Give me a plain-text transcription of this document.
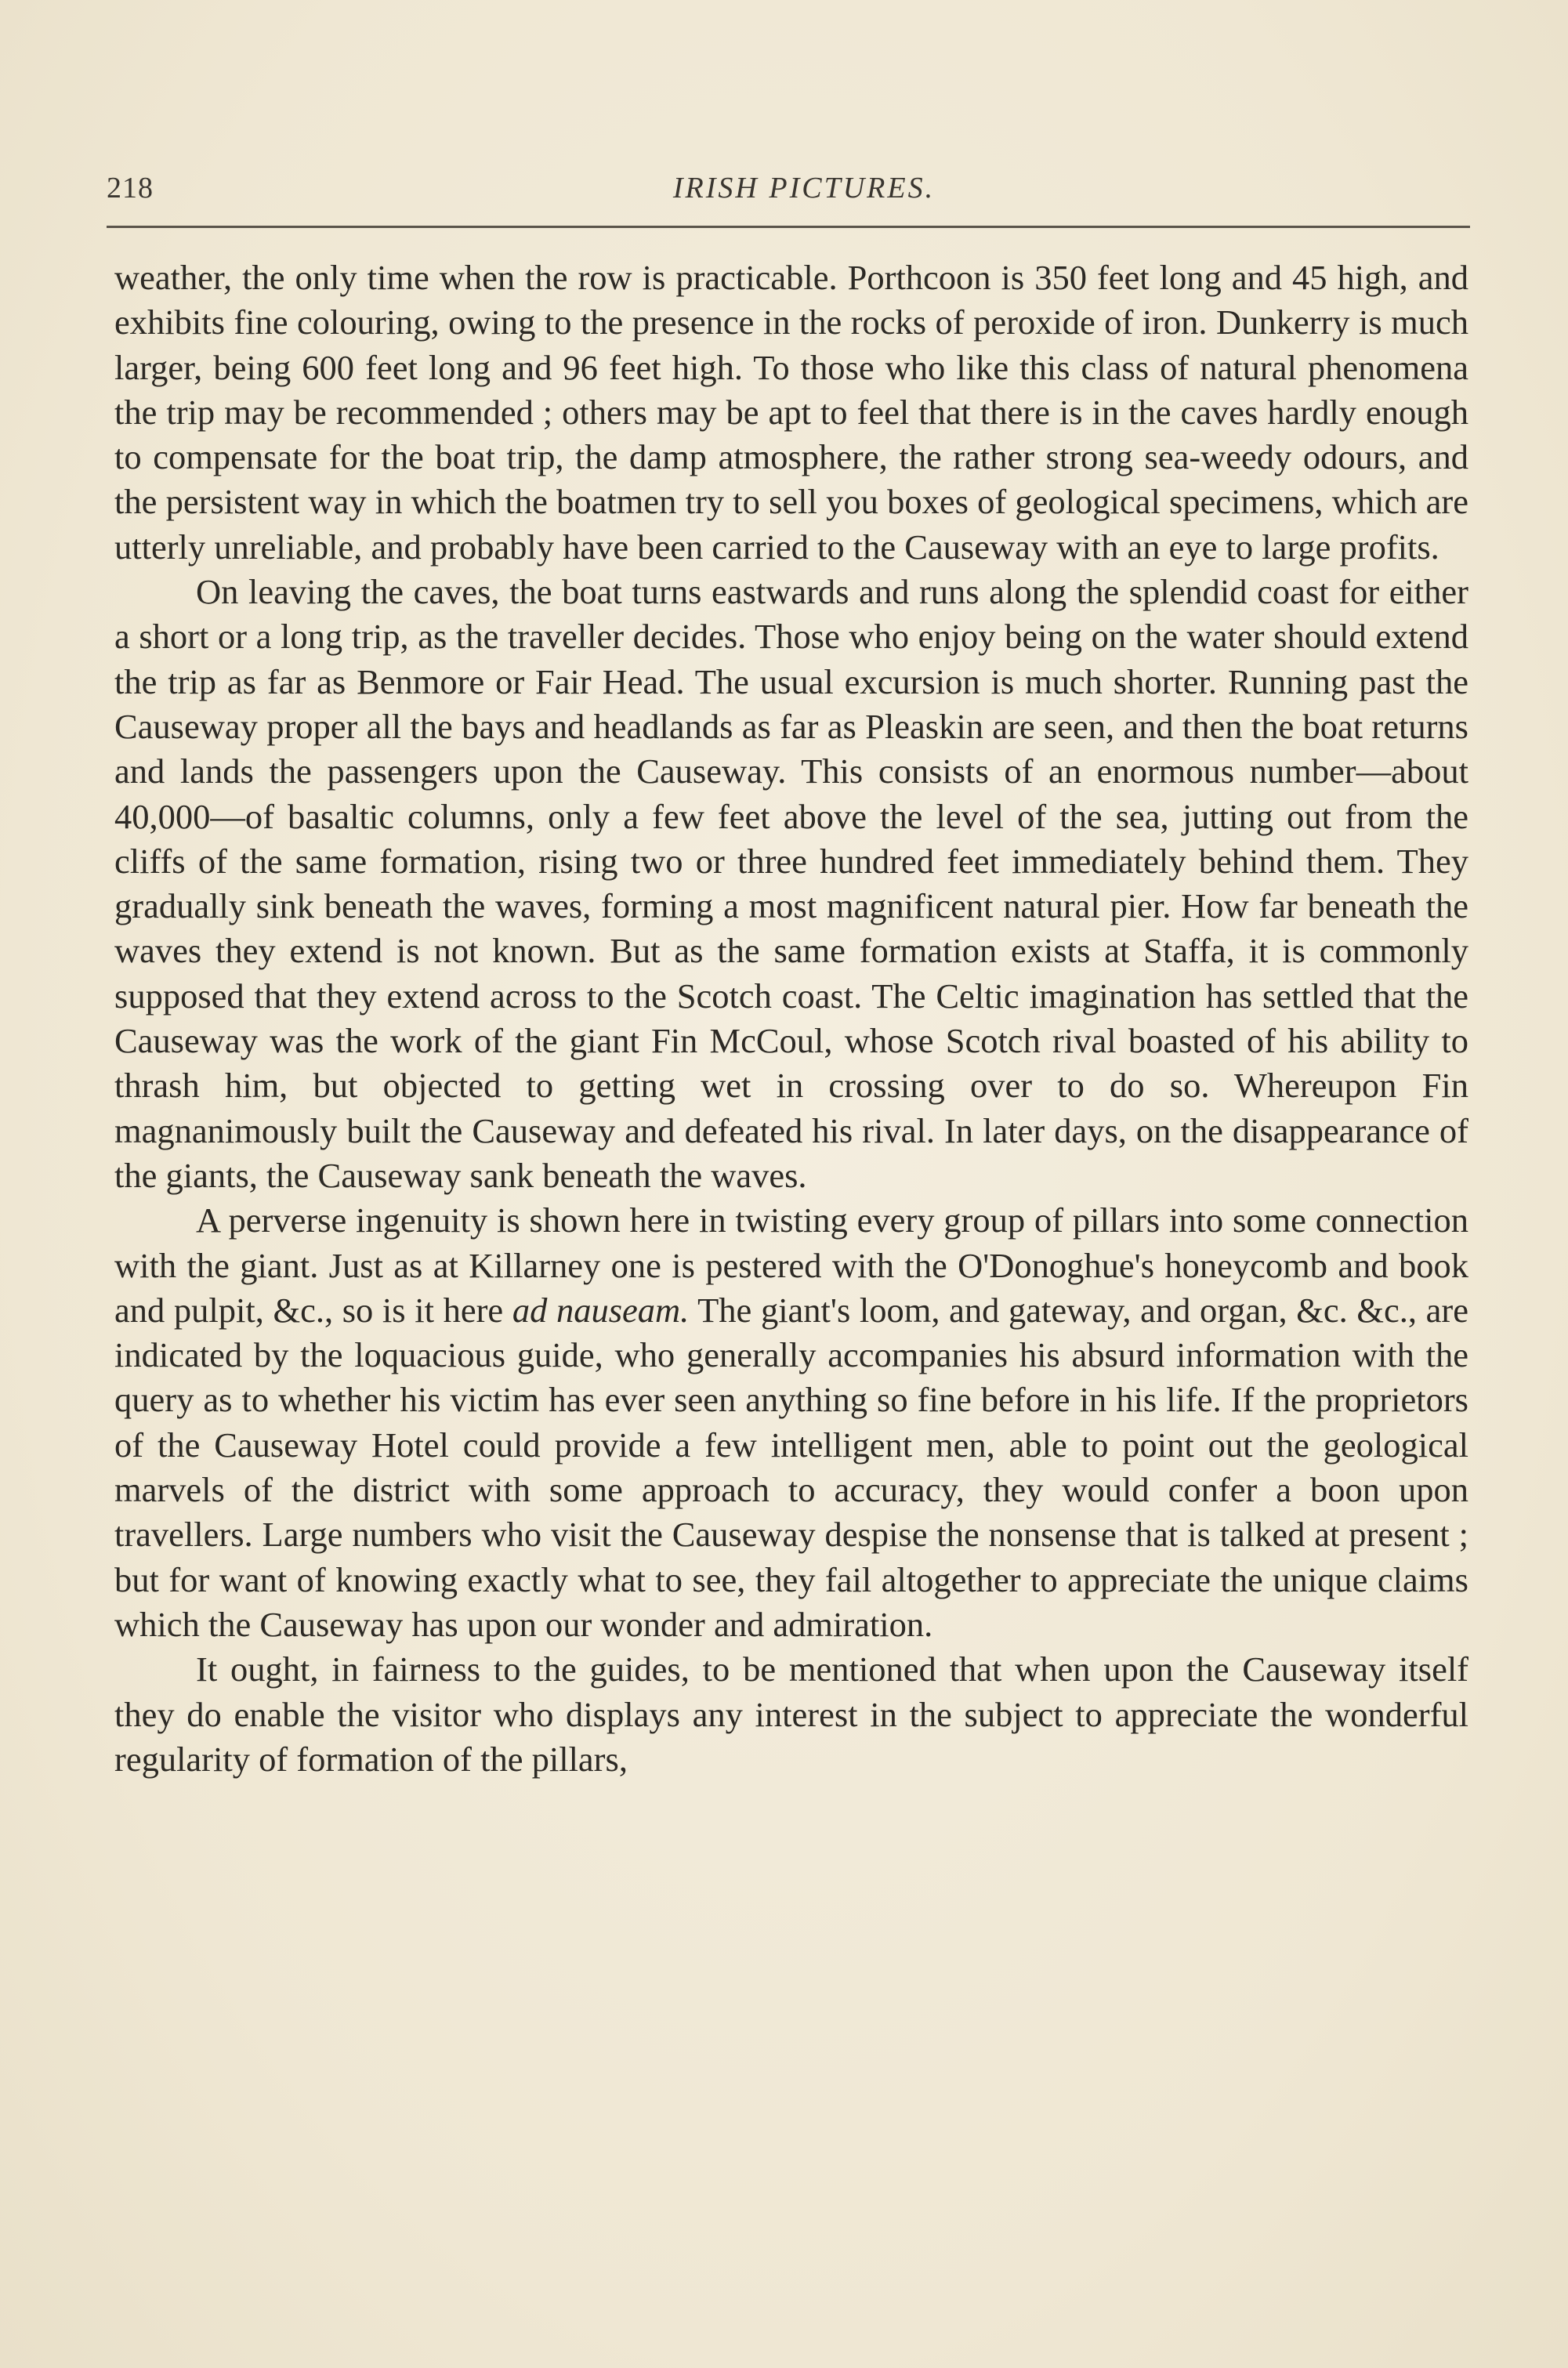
218	IRISH PICTURES.

weather, the only time when the row is practicable. Porthcoon is 350 feet long and 45 high, and exhibits fine colouring, owing to the presence in the rocks of peroxide of iron. Dunkerry is much larger, being 600 feet long and 96 feet high. To those who like this class of natural phenomena the trip may be recommended ; others may be apt to feel that there is in the caves hardly enough to compensate for the boat trip, the damp atmosphere, the rather strong sea-weedy odours, and the persistent way in which the boatmen try to sell you boxes of geological specimens, which are utterly unreliable, and probably have been carried to the Causeway with an eye to large profits.

On leaving the caves, the boat turns eastwards and runs along the splendid coast for either a short or a long trip, as the traveller decides. Those who enjoy being on the water should extend the trip as far as Benmore or Fair Head. The usual excursion is much shorter. Running past the Causeway proper all the bays and headlands as far as Pleaskin are seen, and then the boat returns and lands the passengers upon the Causeway. This consists of an enormous number—about 40,000—of basaltic columns, only a few feet above the level of the sea, jutting out from the cliffs of the same formation, rising two or three hundred feet immediately behind them. They gradually sink beneath the waves, forming a most magnificent natural pier. How far beneath the waves they extend is not known. But as the same formation exists at Staffa, it is commonly supposed that they extend across to the Scotch coast. The Celtic imagination has settled that the Causeway was the work of the giant Fin McCoul, whose Scotch rival boasted of his ability to thrash him, but objected to getting wet in crossing over to do so. Whereupon Fin magnanimously built the Causeway and defeated his rival. In later days, on the disappearance of the giants, the Causeway sank beneath the waves.

A perverse ingenuity is shown here in twisting every group of pillars into some connection with the giant. Just as at Killarney one is pestered with the O'Donoghue's honeycomb and book and pulpit, &c., so is it here ad nauseam. The giant's loom, and gateway, and organ, &c. &c., are indicated by the loquacious guide, who generally accompanies his absurd information with the query as to whether his victim has ever seen anything so fine before in his life. If the proprietors of the Causeway Hotel could provide a few intelligent men, able to point out the geological marvels of the district with some approach to accuracy, they would confer a boon upon travellers. Large numbers who visit the Causeway despise the nonsense that is talked at present ; but for want of knowing exactly what to see, they fail altogether to appreciate the unique claims which the Causeway has upon our wonder and admiration.

It ought, in fairness to the guides, to be mentioned that when upon the Causeway itself they do enable the visitor who displays any interest in the subject to appreciate the wonderful regularity of formation of the pillars,
